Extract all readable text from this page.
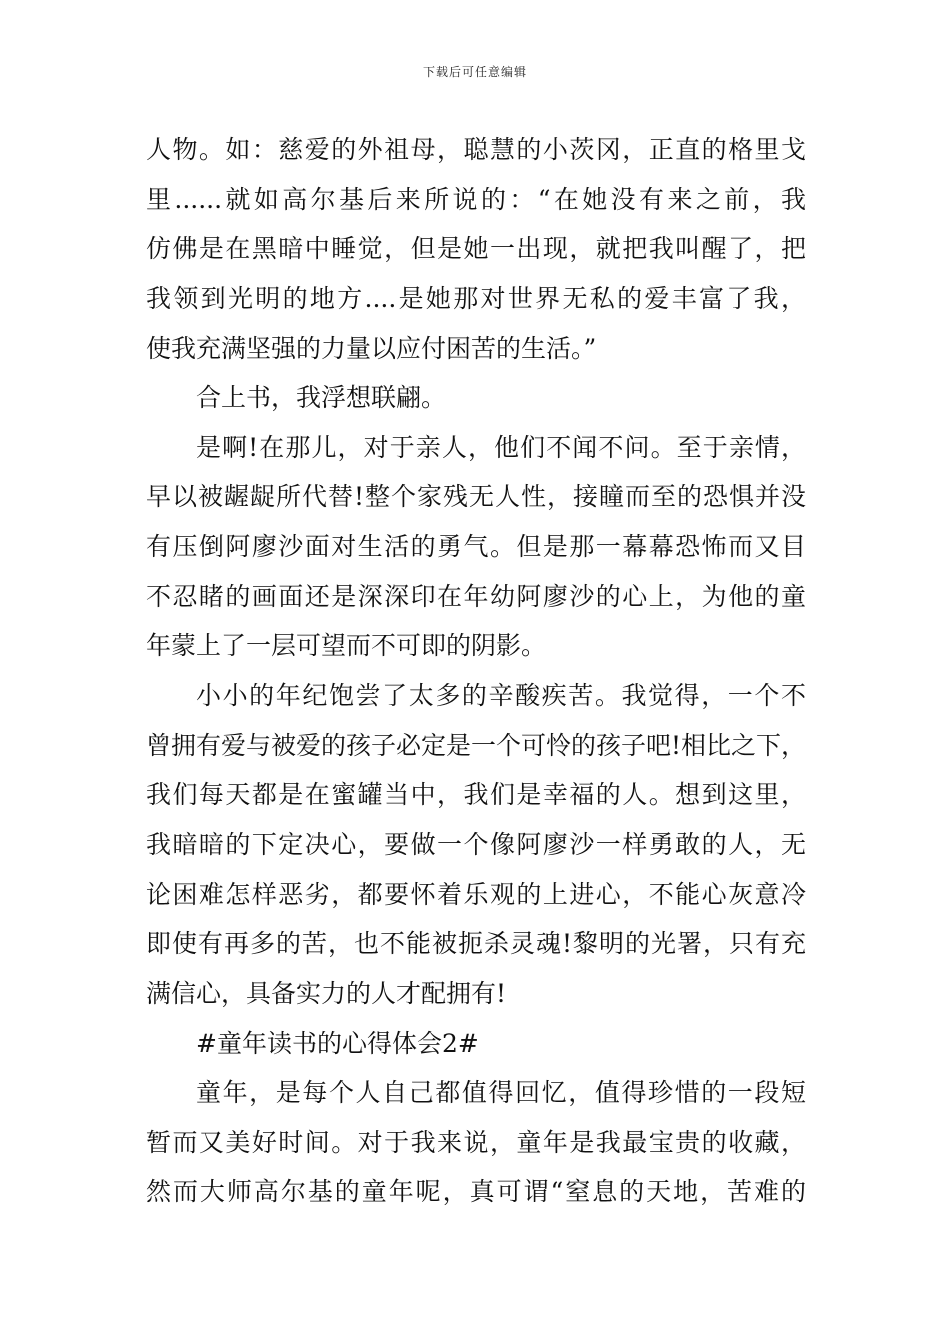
下载后可任意编辑
人物。如：慈爱的外祖母，聪慧的小茨冈，正直的格里戈
里......就如高尔基后来所说的：“在她没有来之前，我
仿佛是在黑暗中睡觉，但是她一出现，就把我叫醒了，把
我领到光明的地方....是她那对世界无私的爱丰富了我，
使我充满坚强的力量以应付困苦的生活。”
合上书，我浮想联翩。
是啊!在那儿，对于亲人，他们不闻不问。至于亲情，
早以被龌龊所代替!整个家残无人性，接瞳而至的恐惧并没
有压倒阿廖沙面对生活的勇气。但是那一幕幕恐怖而又目
不忍睹的画面还是深深印在年幼阿廖沙的心上，为他的童
年蒙上了一层可望而不可即的阴影。
小小的年纪饱尝了太多的辛酸疾苦。我觉得，一个不
曾拥有爱与被爱的孩子必定是一个可怜的孩子吧!相比之下，
我们每天都是在蜜罐当中，我们是幸福的人。想到这里，
我暗暗的下定决心，要做一个像阿廖沙一样勇敢的人，无
论困难怎样恶劣，都要怀着乐观的上进心，不能心灰意冷
即使有再多的苦，也不能被扼杀灵魂!黎明的光署，只有充
满信心，具备实力的人才配拥有!
#童年读书的心得体会2#
童年，是每个人自己都值得回忆，值得珍惜的一段短
暂而又美好时间。对于我来说，童年是我最宝贵的收藏，
然而大师高尔基的童年呢，真可谓“窒息的天地，苦难的
